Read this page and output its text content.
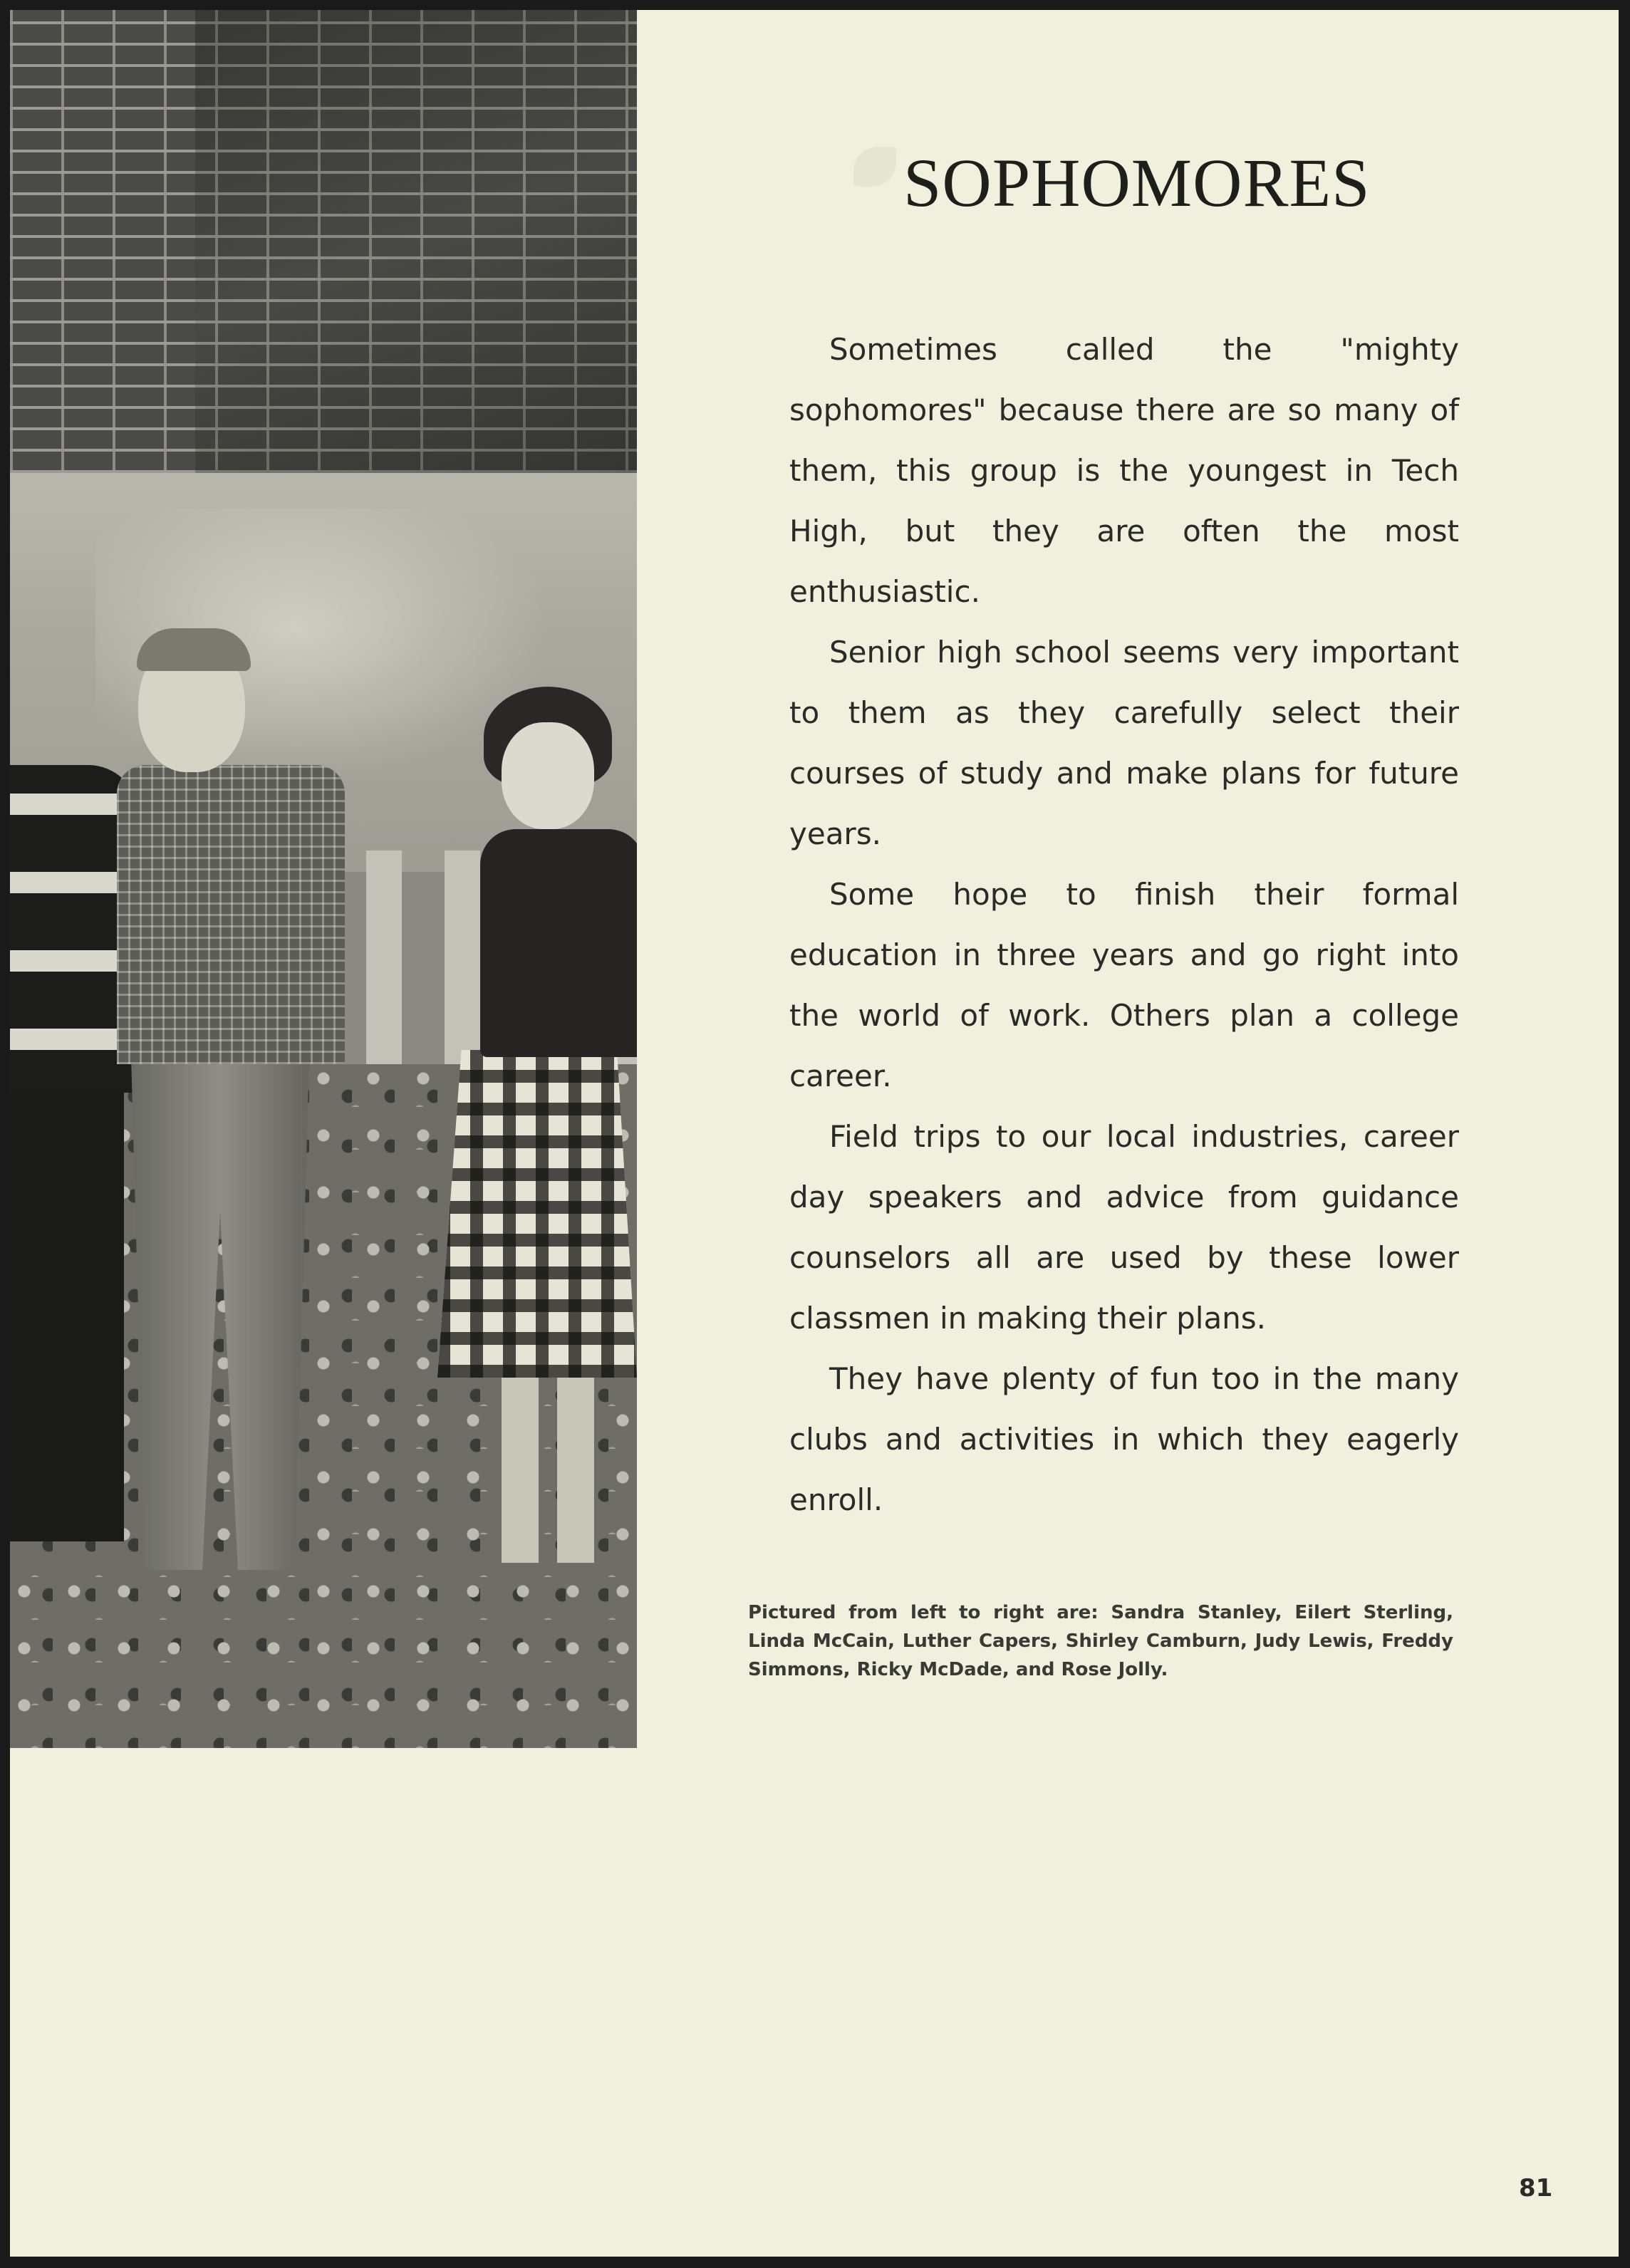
SOPHOMORES

Sometimes called the "mighty sophomores" because there are so many of them, this group is the youngest in Tech High, but they are often the most enthusiastic.

Senior high school seems very important to them as they carefully select their courses of study and make plans for future years.

Some hope to finish their formal education in three years and go right into the world of work. Others plan a college career.

Field trips to our local industries, career day speakers and advice from guidance counselors all are used by these lower classmen in making their plans.

They have plenty of fun too in the many clubs and activities in which they eagerly enroll.

Pictured from left to right are: Sandra Stanley, Eilert Sterling, Linda McCain, Luther Capers, Shirley Camburn, Judy Lewis, Freddy Simmons, Ricky McDade, and Rose Jolly.
81
